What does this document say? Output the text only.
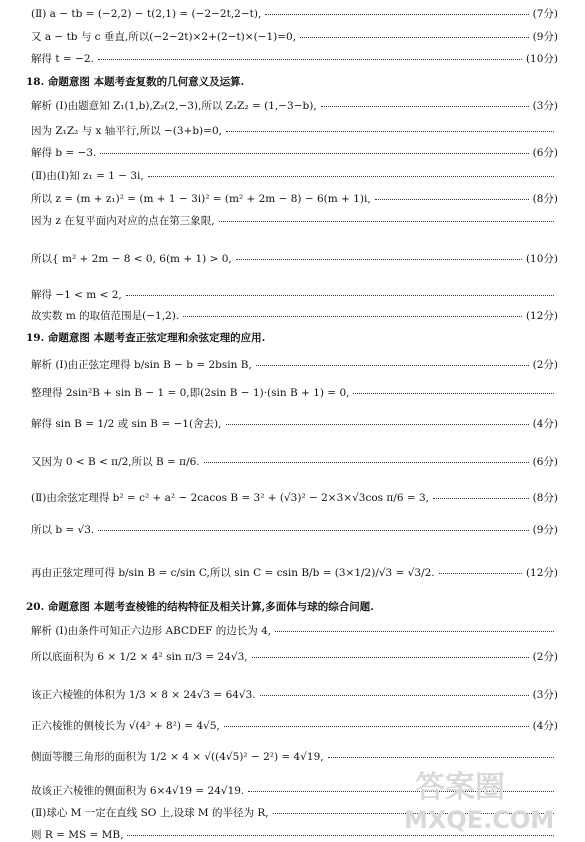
(Ⅱ) a − tb = (−2,2) − t(2,1) = (−2−2t,2−t),	(7分)
又 a − tb 与 c 垂直,所以(−2−2t)×2+(2−t)×(−1)=0,	(9分)
解得 t = −2.	(10分)
18. 命题意图 本题考查复数的几何意义及运算.
解析 (Ⅰ)由题意知 Z₁(1,b),Z₂(2,−3),所以 Z₁Z₂ = (1,−3−b),	(3分)
因为 Z₁Z₂ 与 x 轴平行,所以 −(3+b)=0,
解得 b = −3.	(6分)
(Ⅱ)由(Ⅰ)知 z₁ = 1 − 3i,
所以 z = (m + z₁)² = (m + 1 − 3i)² = (m² + 2m − 8) − 6(m + 1)i,	(8分)
因为 z 在复平面内对应的点在第三象限,
所以{ m² + 2m − 8 < 0, 6(m + 1) > 0,	(10分)
解得 −1 < m < 2,
故实数 m 的取值范围是(−1,2).	(12分)
19. 命题意图 本题考查正弦定理和余弦定理的应用.
解析 (Ⅰ)由正弦定理得 b/sin B − b = 2bsin B,	(2分)
整理得 2sin²B + sin B − 1 = 0,即(2sin B − 1)·(sin B + 1) = 0,
解得 sin B = 1/2 或 sin B = −1(舍去),	(4分)
又因为 0 < B < π/2,所以 B = π/6.	(6分)
(Ⅱ)由余弦定理得 b² = c² + a² − 2cacos B = 3² + (√3)² − 2×3×√3cos π/6 = 3,	(8分)
所以 b = √3.	(9分)
再由正弦定理可得 b/sin B = c/sin C,所以 sin C = csin B/b = (3×1/2)/√3 = √3/2.	(12分)
20. 命题意图 本题考查棱锥的结构特征及相关计算,多面体与球的综合问题.
解析 (Ⅰ)由条件可知正六边形 ABCDEF 的边长为 4,
所以底面积为 6 × 1/2 × 4² sin π/3 = 24√3,	(2分)
该正六棱锥的体积为 1/3 × 8 × 24√3 = 64√3.	(3分)
正六棱锥的侧棱长为 √(4² + 8²) = 4√5,	(4分)
侧面等腰三角形的面积为 1/2 × 4 × √((4√5)² − 2²) = 4√19,
故该正六棱锥的侧面积为 6×4√19 = 24√19.
(Ⅱ)球心 M 一定在直线 SO 上,设球 M 的半径为 R,
则 R = MS = MB,
答案圈
MXQE.COM
